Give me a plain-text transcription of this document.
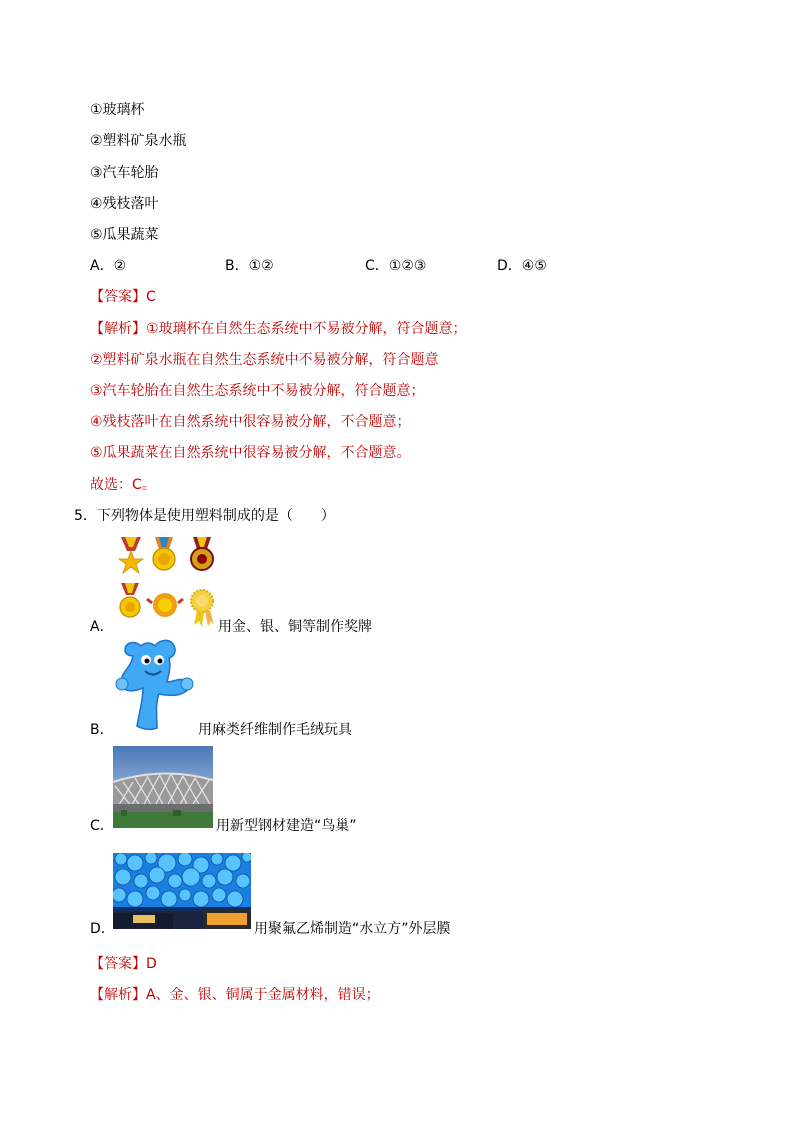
①玻璃杯
②塑料矿泉水瓶
③汽车轮胎
④残枝落叶
⑤瓜果蔬菜
A．②	B．①②	C．①②③	D．④⑤
【答案】C
【解析】①玻璃杯在自然生态系统中不易被分解，符合题意；
②塑料矿泉水瓶在自然生态系统中不易被分解，符合题意
③汽车轮胎在自然生态系统中不易被分解，符合题意；
④残枝落叶在自然系统中很容易被分解，不合题意；
⑤瓜果蔬菜在自然系统中很容易被分解，不合题意。
故选：C。
5．下列物体是使用塑料制成的是（　　）
A．	用金、银、铜等制作奖牌
B．	用麻类纤维制作毛绒玩具
C．	用新型钢材建造“鸟巢”
D．	用聚氟乙烯制造“水立方”外层膜
【答案】D
【解析】A、金、银、铜属于金属材料，错误；
